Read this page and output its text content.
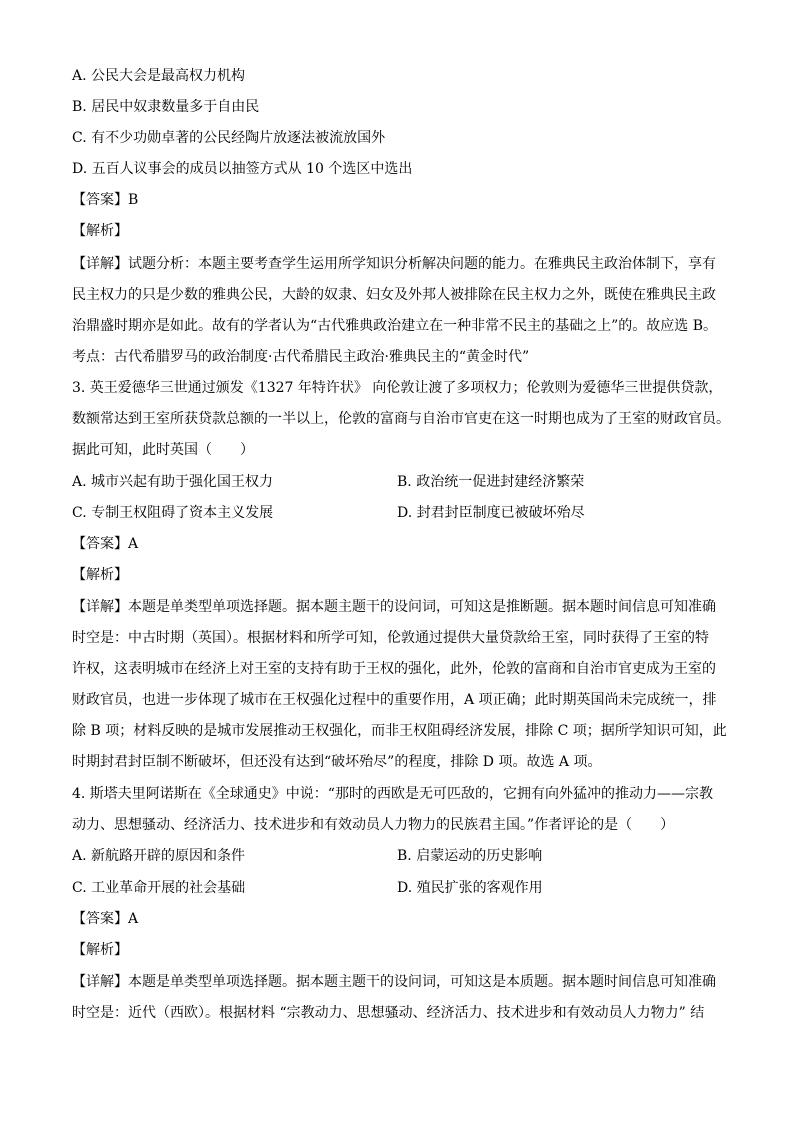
A. 公民大会是最高权力机构
B. 居民中奴隶数量多于自由民
C. 有不少功勋卓著的公民经陶片放逐法被流放国外
D. 五百人议事会的成员以抽签方式从 10 个选区中选出
【答案】B
【解析】
【详解】试题分析：本题主要考查学生运用所学知识分析解决问题的能力。在雅典民主政治体制下，享有
民主权力的只是少数的雅典公民，大龄的奴隶、妇女及外邦人被排除在民主权力之外，既使在雅典民主政
治鼎盛时期亦是如此。故有的学者认为“古代雅典政治建立在一种非常不民主的基础之上”的。故应选 B。
考点：古代希腊罗马的政治制度·古代希腊民主政治·雅典民主的“黄金时代”
3. 英王爱德华三世通过颁发《1327 年特许状》 向伦敦让渡了多项权力；伦敦则为爱德华三世提供贷款，
数额常达到王室所获贷款总额的一半以上，伦敦的富商与自治市官吏在这一时期也成为了王室的财政官员。
据此可知，此时英国（　　）
A. 城市兴起有助于强化国王权力	B. 政治统一促进封建经济繁荣
C. 专制王权阻碍了资本主义发展	D. 封君封臣制度已被破坏殆尽
【答案】A
【解析】
【详解】本题是单类型单项选择题。据本题主题干的设问词，可知这是推断题。据本题时间信息可知准确
时空是：中古时期（英国）。根据材料和所学可知，伦敦通过提供大量贷款给王室，同时获得了王室的特
许权，这表明城市在经济上对王室的支持有助于王权的强化，此外，伦敦的富商和自治市官吏成为王室的
财政官员，也进一步体现了城市在王权强化过程中的重要作用，A 项正确；此时期英国尚未完成统一，排
除 B 项；材料反映的是城市发展推动王权强化，而非王权阻碍经济发展，排除 C 项；据所学知识可知，此
时期封君封臣制不断破坏，但还没有达到“破坏殆尽”的程度，排除 D 项。故选 A 项。
4. 斯塔夫里阿诺斯在《全球通史》中说：“那时的西欧是无可匹敌的，它拥有向外猛冲的推动力——宗教
动力、思想骚动、经济活力、技术进步和有效动员人力物力的民族君主国。”作者评论的是（　　）
A. 新航路开辟的原因和条件	B. 启蒙运动的历史影响
C. 工业革命开展的社会基础	D. 殖民扩张的客观作用
【答案】A
【解析】
【详解】本题是单类型单项选择题。据本题主题干的设问词，可知这是本质题。据本题时间信息可知准确
时空是：近代（西欧）。根据材料 “宗教动力、思想骚动、经济活力、技术进步和有效动员人力物力” 结
